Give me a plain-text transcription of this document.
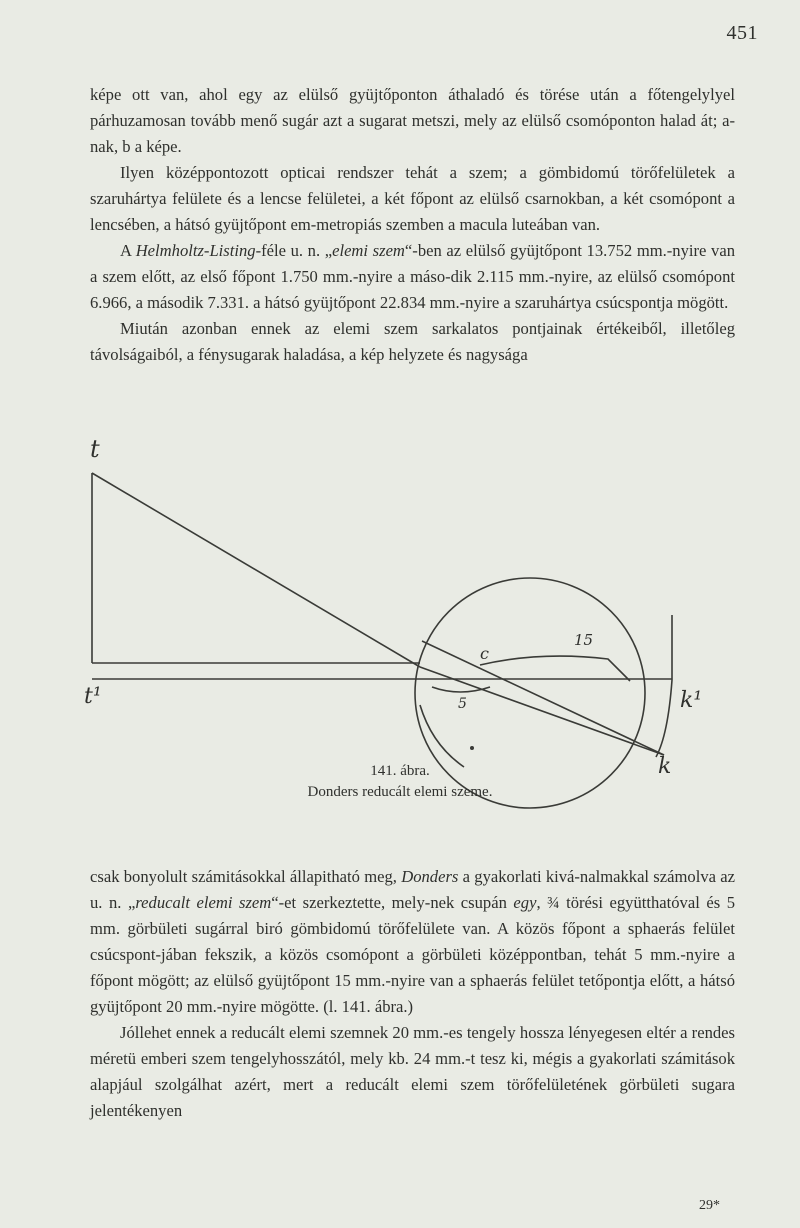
451

képe ott van, ahol egy az elülső gyüjtőponton áthaladó és törése után a főtengelylyel párhuzamosan tovább menő sugár azt a sugarat metszi, mely az elülső csomóponton halad át; a-nak, b a képe.

Ilyen középpontozott opticai rendszer tehát a szem; a gömbidomú törőfelületek a szaruhártya felülete és a lencse felületei, a két főpont az elülső csarnokban, a két csomópont a lencsében, a hátsó gyüjtőpont em-metropiás szemben a macula luteában van.

A Helmholtz-Listing-féle u. n. „elemi szem“-ben az elülső gyüjtőpont 13.752 mm.-nyire van a szem előtt, az első főpont 1.750 mm.-nyire a máso-dik 2.115 mm.-nyire, az elülső csomópont 6.966, a második 7.331. a hátsó gyüjtőpont 22.834 mm.-nyire a szaruhártya csúcspontja mögött.

Miután azonban ennek az elemi szem sarkalatos pontjainak értékeiből, illetőleg távolságaiból, a fénysugarak haladása, a kép helyzete és nagysága

t
t¹	k¹
k
c
15
5
141. ábra.
Donders reducált elemi szeme.

csak bonyolult számitásokkal állapitható meg, Donders a gyakorlati kivá-nalmakkal számolva az u. n. „reducalt elemi szem“-et szerkeztette, mely-nek csupán egy, ¾ törési együtthatóval és 5 mm. görbületi sugárral biró gömbidomú törőfelülete van. A közös főpont a sphaerás felület csúcspont-jában fekszik, a közös csomópont a görbületi középpontban, tehát 5 mm.-nyire a főpont mögött; az elülső gyüjtőpont 15 mm.-nyire van a sphaerás felület tetőpontja előtt, a hátsó gyüjtőpont 20 mm.-nyire mögötte. (l. 141. ábra.)

Jóllehet ennek a reducált elemi szemnek 20 mm.-es tengely hossza lényegesen eltér a rendes méretü emberi szem tengelyhosszától, mely kb. 24 mm.-t tesz ki, mégis a gyakorlati számitások alapjául szolgálhat azért, mert a reducált elemi szem törőfelületének görbületi sugara jelentékenyen

29*
